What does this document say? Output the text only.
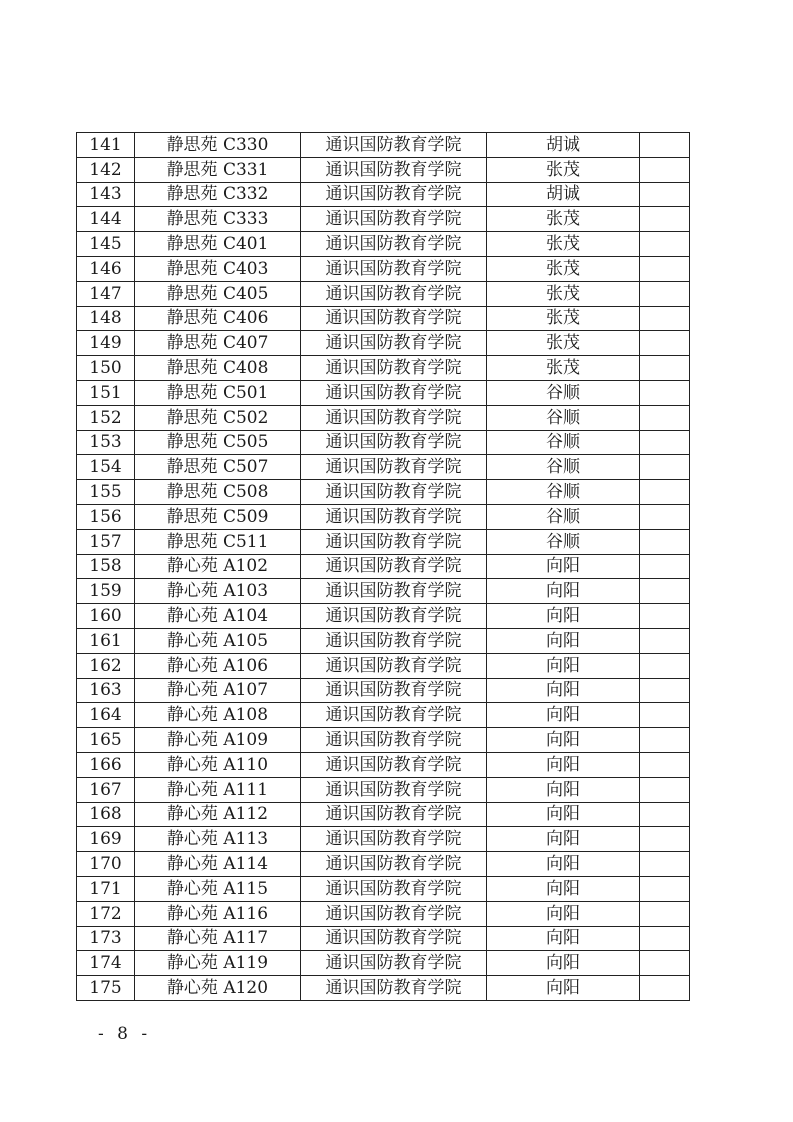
141	静思苑 C330	通识国防教育学院	胡诚	
142	静思苑 C331	通识国防教育学院	张茂	
143	静思苑 C332	通识国防教育学院	胡诚	
144	静思苑 C333	通识国防教育学院	张茂	
145	静思苑 C401	通识国防教育学院	张茂	
146	静思苑 C403	通识国防教育学院	张茂	
147	静思苑 C405	通识国防教育学院	张茂	
148	静思苑 C406	通识国防教育学院	张茂	
149	静思苑 C407	通识国防教育学院	张茂	
150	静思苑 C408	通识国防教育学院	张茂	
151	静思苑 C501	通识国防教育学院	谷顺	
152	静思苑 C502	通识国防教育学院	谷顺	
153	静思苑 C505	通识国防教育学院	谷顺	
154	静思苑 C507	通识国防教育学院	谷顺	
155	静思苑 C508	通识国防教育学院	谷顺	
156	静思苑 C509	通识国防教育学院	谷顺	
157	静思苑 C511	通识国防教育学院	谷顺	
158	静心苑 A102	通识国防教育学院	向阳	
159	静心苑 A103	通识国防教育学院	向阳	
160	静心苑 A104	通识国防教育学院	向阳	
161	静心苑 A105	通识国防教育学院	向阳	
162	静心苑 A106	通识国防教育学院	向阳	
163	静心苑 A107	通识国防教育学院	向阳	
164	静心苑 A108	通识国防教育学院	向阳	
165	静心苑 A109	通识国防教育学院	向阳	
166	静心苑 A110	通识国防教育学院	向阳	
167	静心苑 A111	通识国防教育学院	向阳	
168	静心苑 A112	通识国防教育学院	向阳	
169	静心苑 A113	通识国防教育学院	向阳	
170	静心苑 A114	通识国防教育学院	向阳	
171	静心苑 A115	通识国防教育学院	向阳	
172	静心苑 A116	通识国防教育学院	向阳	
173	静心苑 A117	通识国防教育学院	向阳	
174	静心苑 A119	通识国防教育学院	向阳	
175	静心苑 A120	通识国防教育学院	向阳	
- 8 -
